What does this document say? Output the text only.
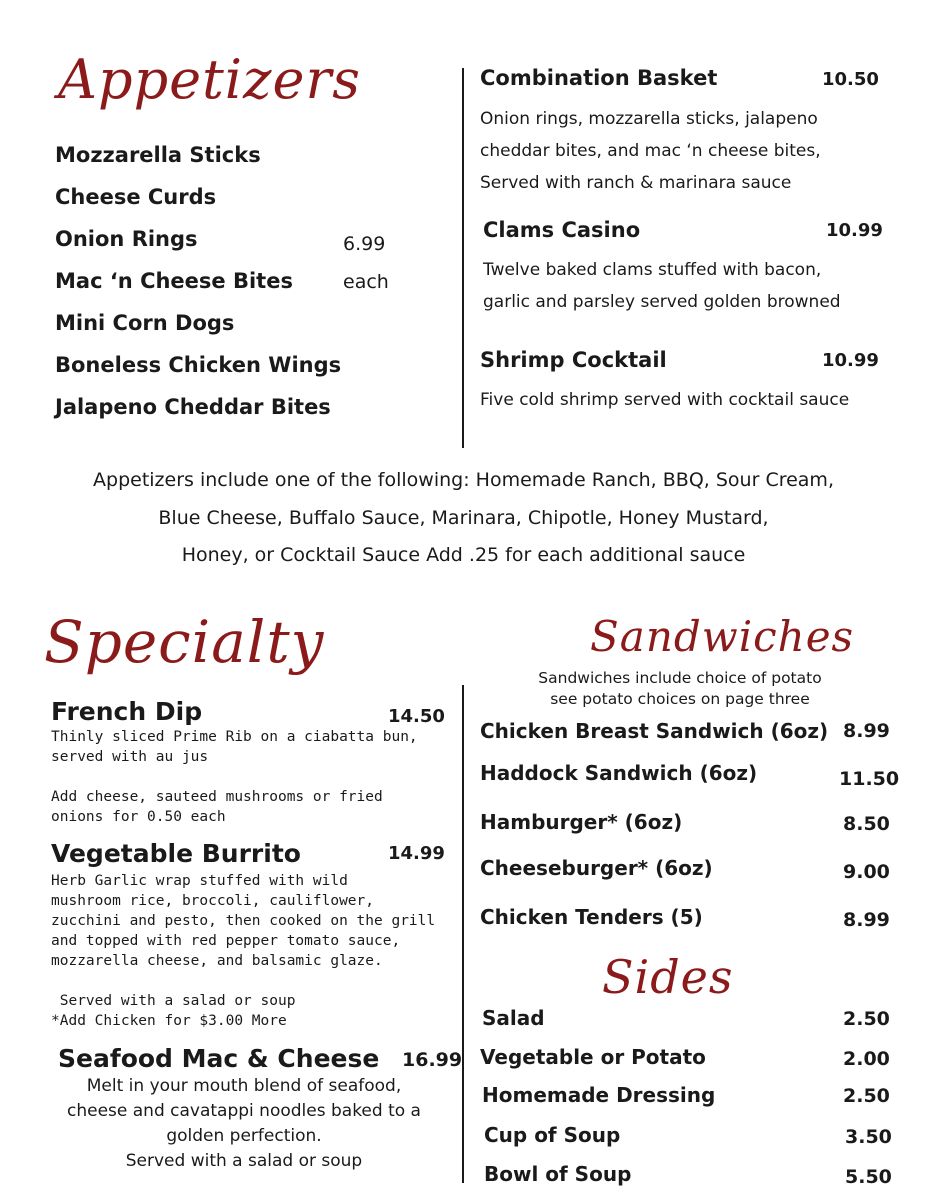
Appetizers
Mozzarella Sticks
Cheese Curds
Onion Rings
Mac ‘n Cheese Bites
Mini Corn Dogs
Boneless Chicken Wings
Jalapeno Cheddar Bites
6.99
each
Combination Basket	10.50
Onion rings, mozzarella sticks, jalapeno
cheddar bites, and mac ‘n cheese bites,
Served with ranch & marinara sauce
Clams Casino	10.99
Twelve baked clams stuffed with bacon,
garlic and parsley served golden browned
Shrimp Cocktail	10.99
Five cold shrimp served with cocktail sauce
Appetizers include one of the following: Homemade Ranch, BBQ, Sour Cream,
Blue Cheese, Buffalo Sauce, Marinara, Chipotle, Honey Mustard,
Honey, or Cocktail Sauce Add .25 for each additional sauce
Specialty
French Dip	14.50
Thinly sliced Prime Rib on a ciabatta bun,
served with au jus
Add cheese, sauteed mushrooms or fried
onions for 0.50 each
Vegetable Burrito	14.99
Herb Garlic wrap stuffed with wild
mushroom rice, broccoli, cauliflower,
zucchini and pesto, then cooked on the grill
and topped with red pepper tomato sauce,
mozzarella cheese, and balsamic glaze.
Served with a salad or soup
*Add Chicken for $3.00 More
Seafood Mac & Cheese 16.99
Melt in your mouth blend of seafood,
cheese and cavatappi noodles baked to a
golden perfection.
Served with a salad or soup
Sandwiches
Sandwiches include choice of potato
see potato choices on page three
Chicken Breast Sandwich (6oz) 8.99
Haddock Sandwich (6oz)	11.50
Hamburger* (6oz)	8.50
Cheeseburger* (6oz)	9.00
Chicken Tenders (5)	8.99
Sides
Salad	2.50
Vegetable or Potato	2.00
Homemade Dressing	2.50
Cup of Soup	3.50
Bowl of Soup	5.50
